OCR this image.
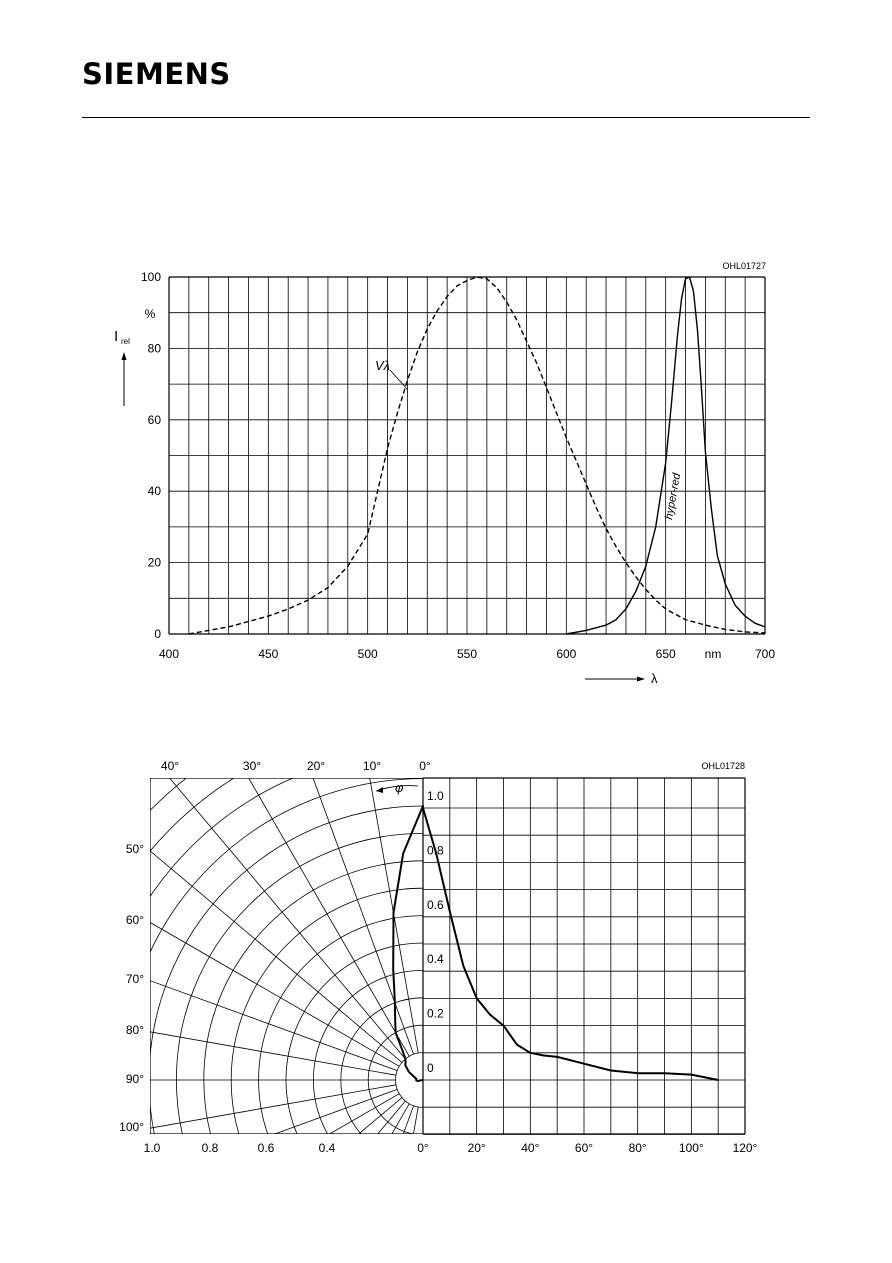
SIEMENS
400	450	500	550	600	650	700
0
20
40
60
80
100
OHL01727
%
I rel
nm
λ
Vλ
hyper-red
40°	30°	20°	10°	0°
50°
60°
70°
80°
90°
100°
0
0.2
0.4
0.6
0.8
1.0
1.0	0.8	0.6	0.4	0°	20°	40°	60°	80°	100° 120°
OHL01728
φ
